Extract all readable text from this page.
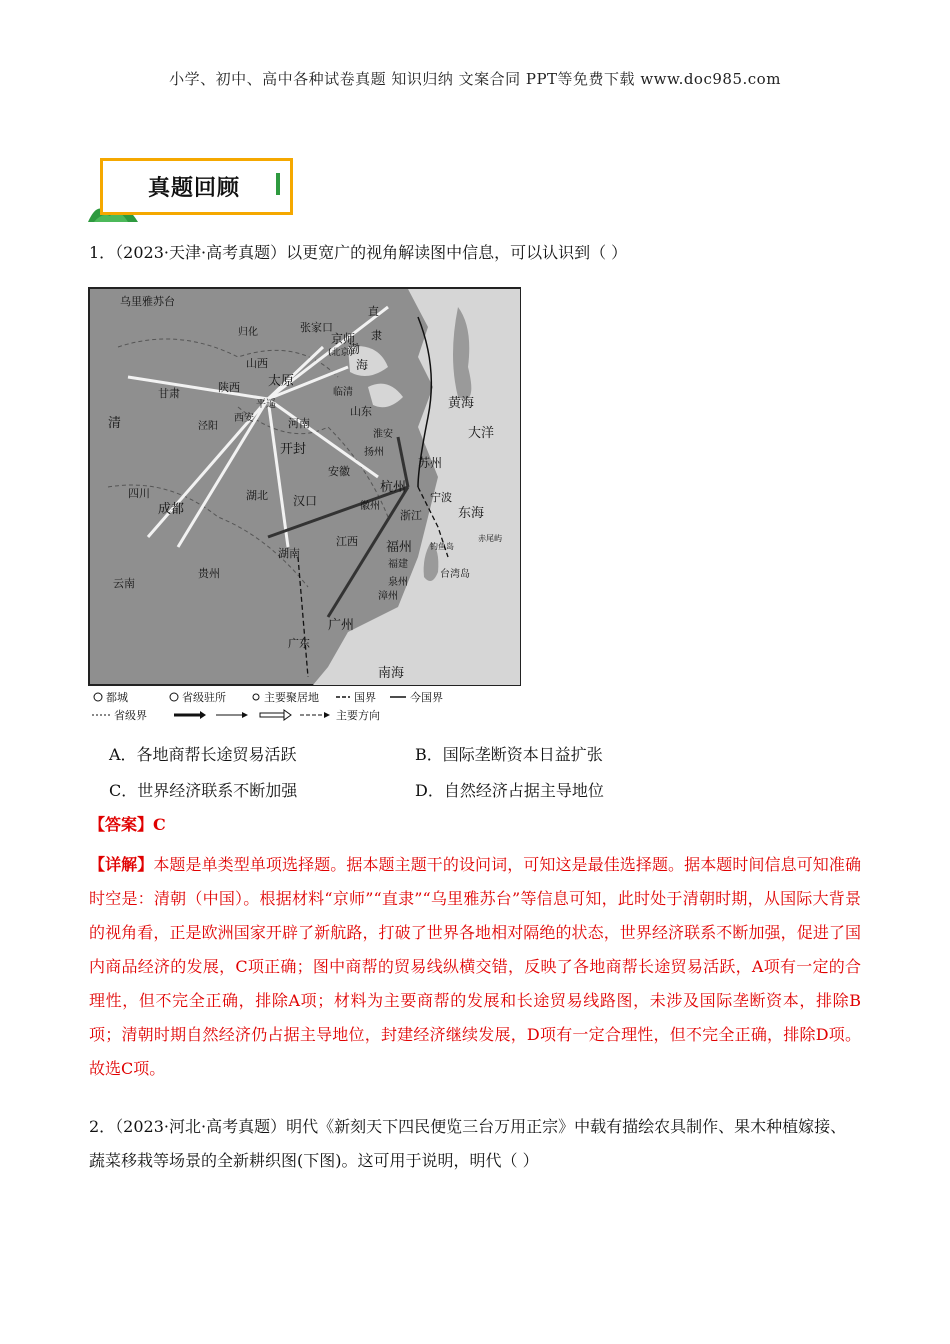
小学、初中、高中各种试卷真题 知识归纳 文案合同 PPT等免费下载 www.doc985.com
真题回顾
1．（2023·天津·高考真题）以更宽广的视角解读图中信息，可以认识到（ ）
乌里雅苏台
张家口
京师
(北京)
直
隶
太原
平遥
开封
汉口
成都
杭州
宁波
福州
广州
苏州
扬州
临清
淮安
徽州
泉州
漳州
台湾岛
钓鱼岛
赤尾屿
渤
海
黄海
东海
南海
大洋
清
四川
云南
贵州
湖南
湖北
江西
福建
浙江
安徽
河南
山西
山东
甘肃	陕西
广东
西安
泾阳
归化
都城	省级驻所	主要聚居地	国界	今国界
省级界	主要方向
A．各地商帮长途贸易活跃	B．国际垄断资本日益扩张
C．世界经济联系不断加强	D．自然经济占据主导地位
【答案】C
【详解】本题是单类型单项选择题。据本题主题干的设问词，可知这是最佳选择题。据本题时间信息可知准确时空是：清朝（中国）。根据材料“京师”“直隶”“乌里雅苏台”等信息可知，此时处于清朝时期，从国际大背景的视角看，正是欧洲国家开辟了新航路，打破了世界各地相对隔绝的状态，世界经济联系不断加强，促进了国内商品经济的发展，C项正确；图中商帮的贸易线纵横交错，反映了各地商帮长途贸易活跃，A项有一定的合理性，但不完全正确，排除A项；材料为主要商帮的发展和长途贸易线路图，未涉及国际垄断资本，排除B项；清朝时期自然经济仍占据主导地位，封建经济继续发展，D项有一定合理性，但不完全正确，排除D项。故选C项。
2．（2023·河北·高考真题）明代《新刻天下四民便览三台万用正宗》中载有描绘农具制作、果木种植嫁接、蔬菜移栽等场景的全新耕织图(下图)。这可用于说明，明代（ ）
